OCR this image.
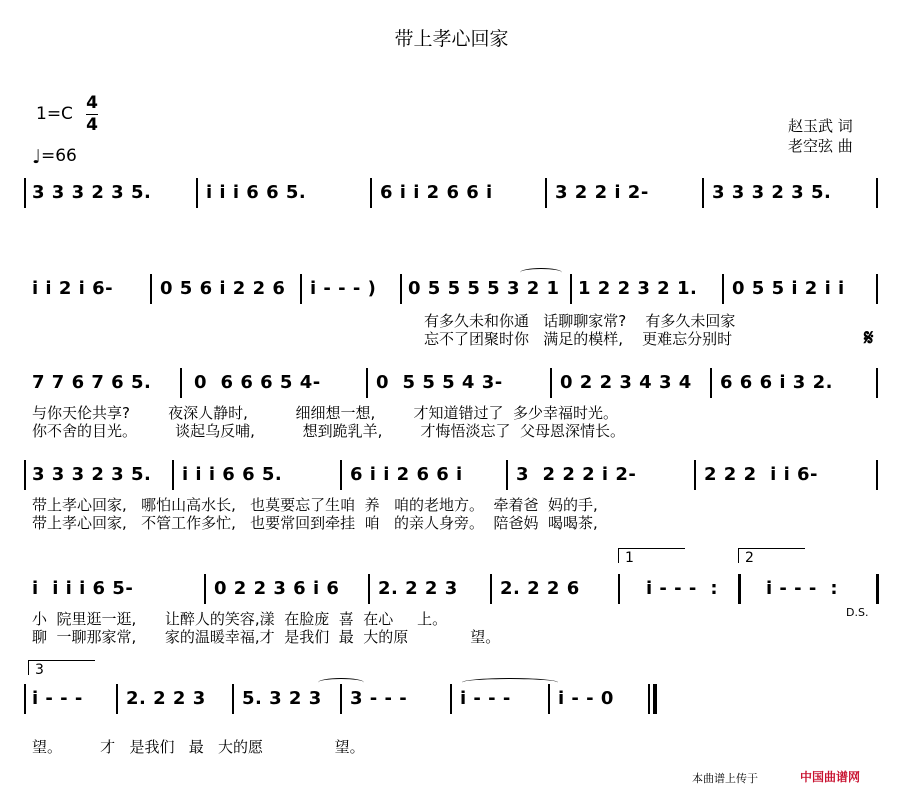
带上孝心回家
1=C
4
4
♩=66
赵玉武 词
老空弦 曲
3 3 3 2 3 5.	i i i 6 6 5.	6 i i 2 6 6 i	3 2 2 i 2-	3 3 3 2 3 5.
i i 2 i 6-	0 5 6 i 2 2 6 i - - - ) 0 5 5 5 5 3 2 1 1 2 2 3 2 1. 0 5 5 i 2 i i
有多久未和你通   话聊聊家常?    有多久未回家
忘不了团聚时你   满足的模样,    更难忘分别时	𝄋
7 7 6 7 6 5. 0  6 6 6 5 4-	0  5 5 5 4 3-	0 2 2 3 4 3 4 6 6 6 i 3 2.
与你天伦共享?        夜深人静时,          细细想一想,        才知道错过了  多少幸福时光。
你不舍的目光。        谈起乌反哺,          想到跪乳羊,        才悔悟淡忘了  父母恩深情长。
3 3 3 2 3 5. i i i 6 6 5.	6 i i 2 6 6 i	3  2 2 2 i 2-	2 2 2  i i 6-
带上孝心回家,   哪怕山高水长,   也莫要忘了生咱  养   咱的老地方。  牵着爸  妈的手,
带上孝心回家,   不管工作多忙,   也要常回到牵挂  咱   的亲人身旁。  陪爸妈  喝喝茶,
1	2
i  i i i 6 5-	0 2 2 3 6 i 6 2. 2 2 3 2. 2 2 6	i - - -  :	i - - -  :
D.S.
小  院里逛一逛,      让醉人的笑容,漾  在脸庞  喜  在心     上。
聊  一聊那家常,      家的温暖幸福,才  是我们  最  大的原             望。
3
i - - - 2. 2 2 3 5. 3 2 3 3 - - -	i - - -	i - - 0
望。        才   是我们   最   大的愿               望。
本曲谱上传于	中国曲谱网
